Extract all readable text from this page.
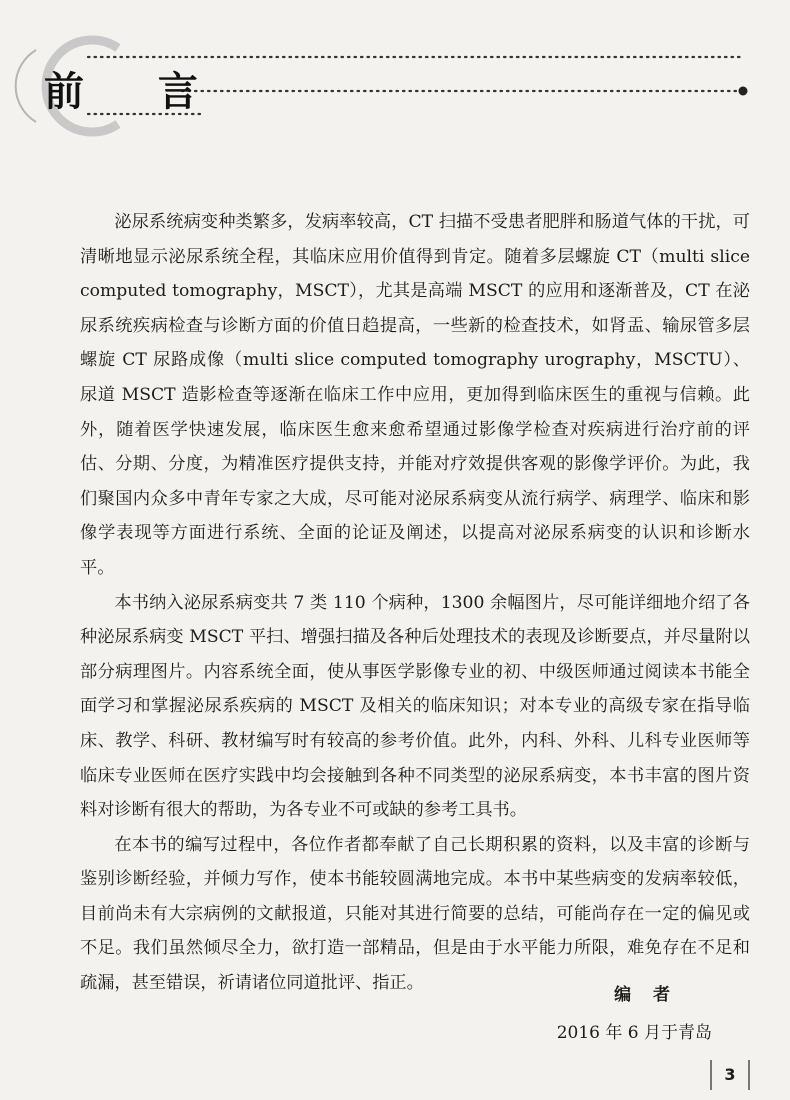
前 言

泌尿系统病变种类繁多，发病率较高，CT 扫描不受患者肥胖和肠道气体的干扰，可清晰地显示泌尿系统全程，其临床应用价值得到肯定。随着多层螺旋 CT（multi slice computed tomography，MSCT），尤其是高端 MSCT 的应用和逐渐普及，CT 在泌尿系统疾病检查与诊断方面的价值日趋提高，一些新的检查技术，如肾盂、输尿管多层螺旋 CT 尿路成像（multi slice computed tomography urography，MSCTU）、尿道 MSCT 造影检查等逐渐在临床工作中应用，更加得到临床医生的重视与信赖。此外，随着医学快速发展，临床医生愈来愈希望通过影像学检查对疾病进行治疗前的评估、分期、分度，为精准医疗提供支持，并能对疗效提供客观的影像学评价。为此，我们聚国内众多中青年专家之大成，尽可能对泌尿系病变从流行病学、病理学、临床和影像学表现等方面进行系统、全面的论证及阐述，以提高对泌尿系病变的认识和诊断水平。

本书纳入泌尿系病变共 7 类 110 个病种，1300 余幅图片，尽可能详细地介绍了各种泌尿系病变 MSCT 平扫、增强扫描及各种后处理技术的表现及诊断要点，并尽量附以部分病理图片。内容系统全面，使从事医学影像专业的初、中级医师通过阅读本书能全面学习和掌握泌尿系疾病的 MSCT 及相关的临床知识；对本专业的高级专家在指导临床、教学、科研、教材编写时有较高的参考价值。此外，内科、外科、儿科专业医师等临床专业医师在医疗实践中均会接触到各种不同类型的泌尿系病变，本书丰富的图片资料对诊断有很大的帮助，为各专业不可或缺的参考工具书。

在本书的编写过程中，各位作者都奉献了自己长期积累的资料，以及丰富的诊断与鉴别诊断经验，并倾力写作，使本书能较圆满地完成。本书中某些病变的发病率较低，目前尚未有大宗病例的文献报道，只能对其进行简要的总结，可能尚存在一定的偏见或不足。我们虽然倾尽全力，欲打造一部精品，但是由于水平能力所限，难免存在不足和疏漏，甚至错误，祈请诸位同道批评、指正。

编 者
2016 年 6 月于青岛
3
